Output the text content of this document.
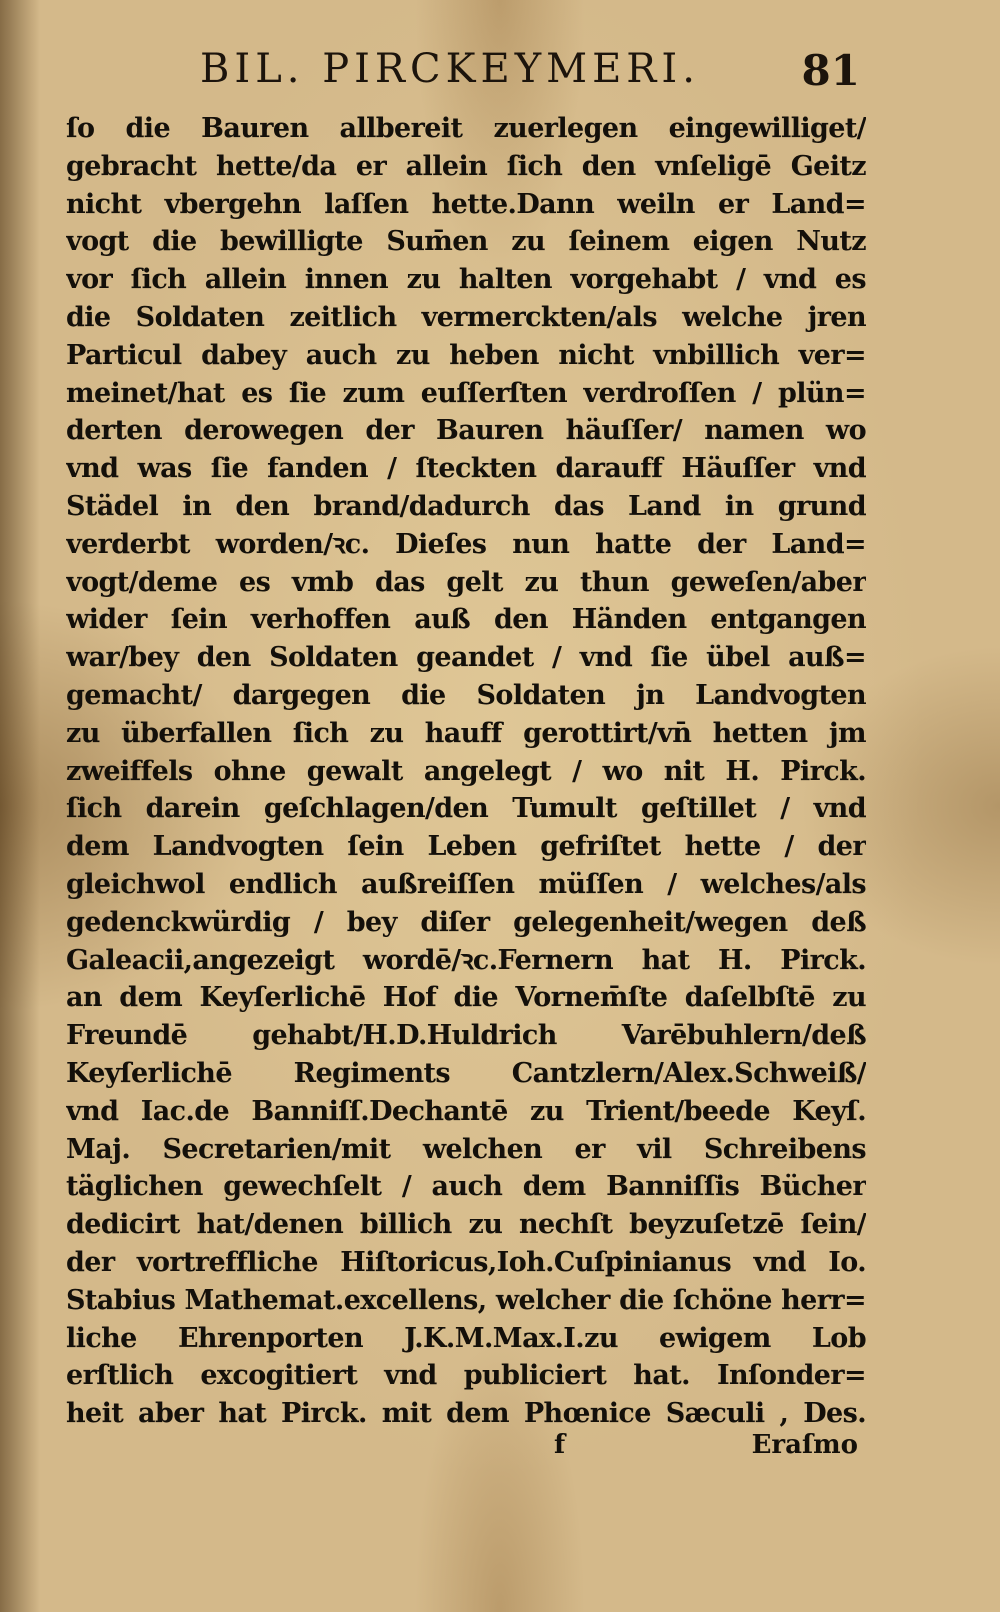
BIL. PIRCKEYMERI. 81
ſo die Bauren allbereit zuerlegen eingewilliget/
gebracht hette/da er allein ſich den vnſeligē Geitz
nicht vbergehn laſſen hette.Dann weiln er Land=
vogt die bewilligte Sum̄en zu ſeinem eigen Nutz
vor ſich allein innen zu halten vorgehabt / vnd es
die Soldaten zeitlich vermerckten/als welche jren
Particul dabey auch zu heben nicht vnbillich ver=
meinet/hat es ſie zum euſſerſten verdroſſen / plün=
derten derowegen der Bauren häuſſer/ namen wo
vnd was ſie fanden / ſteckten darauff Häuſſer vnd
Städel in den brand/dadurch das Land in grund
verderbt worden/ꝛc. Dieſes nun hatte der Land=
vogt/deme es vmb das gelt zu thun geweſen/aber
wider ſein verhoffen auß den Händen entgangen
war/bey den Soldaten geandet / vnd ſie übel auß=
gemacht/ dargegen die Soldaten jn Landvogten
zu überfallen ſich zu hauff gerottirt/vn̄ hetten jm
zweiffels ohne gewalt angelegt / wo nit H. Pirck.
ſich darein geſchlagen/den Tumult geſtillet / vnd
dem Landvogten ſein Leben gefriſtet hette / der
gleichwol endlich außreiſſen müſſen / welches/als
gedenckwürdig / bey diſer gelegenheit/wegen deß
Galeacii,angezeigt wordē/ꝛc.Fernern hat H. Pirck.
an dem Keyſerlichē Hof die Vornem̄ſte daſelbſtē zu
Freundē gehabt/H.D.Huldrich Varēbuhlern/deß
Keyſerlichē Regiments Cantzlern/Alex.Schweiß/
vnd Iac.de Banniſſ.Dechantē zu Trient/beede Keyſ.
Maj. Secretarien/mit welchen er vil Schreibens
täglichen gewechſelt / auch dem Banniſſis Bücher
dedicirt hat/denen billich zu nechſt beyzuſetzē ſein/
der vortreffliche Hiſtoricus,Ioh.Cuſpinianus vnd Io.
Stabius Mathemat.excellens, welcher die ſchöne herr=
liche Ehrenporten J.K.M.Max.I.zu ewigem Lob
erſtlich excogitiert vnd publiciert hat. Inſonder=
heit aber hat Pirck. mit dem Phœnice Sæculi , Des.
f	Eraſmo
